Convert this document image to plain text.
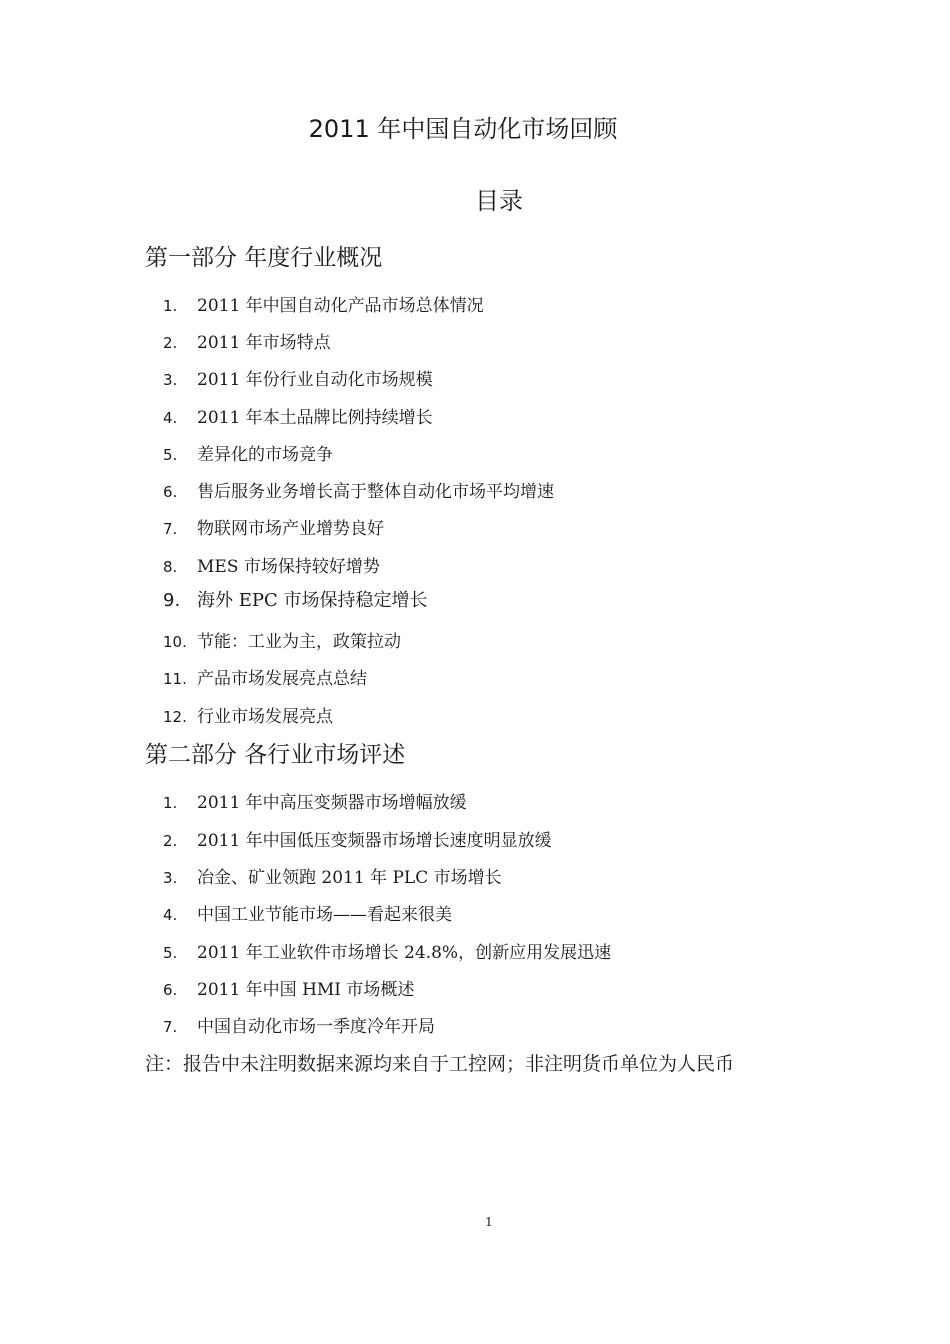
2011 年中国自动化市场回顾
目录
第一部分 年度行业概况
1.	2011 年中国自动化产品市场总体情况
2.	2011 年市场特点
3.	2011 年份行业自动化市场规模
4.	2011 年本土品牌比例持续增长
5.	差异化的市场竞争
6.	售后服务业务增长高于整体自动化市场平均增速
7.	物联网市场产业增势良好
8.	MES 市场保持较好增势
9. 海外 EPC 市场保持稳定增长
10. 节能：工业为主，政策拉动
11. 产品市场发展亮点总结
12. 行业市场发展亮点
第二部分 各行业市场评述
1.	2011 年中高压变频器市场增幅放缓
2.	2011 年中国低压变频器市场增长速度明显放缓
3.	冶金、矿业领跑 2011 年 PLC 市场增长
4.	中国工业节能市场——看起来很美
5.	2011 年工业软件市场增长 24.8%，创新应用发展迅速
6.	2011 年中国 HMI 市场概述
7.	中国自动化市场一季度冷年开局
注：报告中未注明数据来源均来自于工控网；非注明货币单位为人民币
1
